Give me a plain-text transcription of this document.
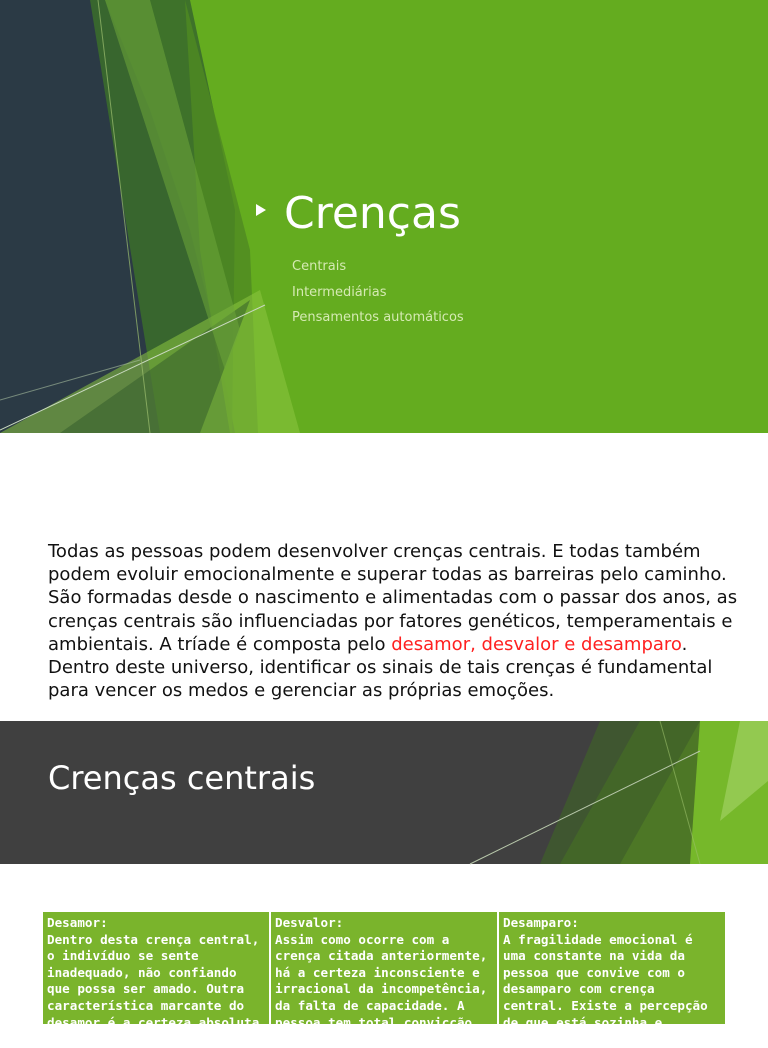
Crenças
Centrais
Intermediárias
Pensamentos automáticos
Todas as pessoas podem desenvolver crenças centrais. E todas também podem evoluir emocionalmente e superar todas as barreiras pelo caminho.
São formadas desde o nascimento e alimentadas com o passar dos anos, as crenças centrais são influenciadas por fatores genéticos, temperamentais e ambientais. A tríade é composta pelo desamor, desvalor e desamparo. Dentro deste universo, identificar os sinais de tais crenças é fundamental para vencer os medos e gerenciar as próprias emoções.
Crenças centrais
Desamor:
Dentro desta crença central, o indivíduo se sente inadequado, não confiando que possa ser amado. Outra característica marcante do desamor é a certeza absoluta (inconsciente
Desvalor:
Assim como ocorre com a crença citada anteriormente, há a certeza inconsciente e irracional da incompetência, da falta de capacidade. A pessoa tem total convicção de que
Desamparo:
A fragilidade emocional é uma constante na vida da pessoa que convive com o desamparo com crença central. Existe a percepção de que está sozinha e vulnerável. Como resultado
